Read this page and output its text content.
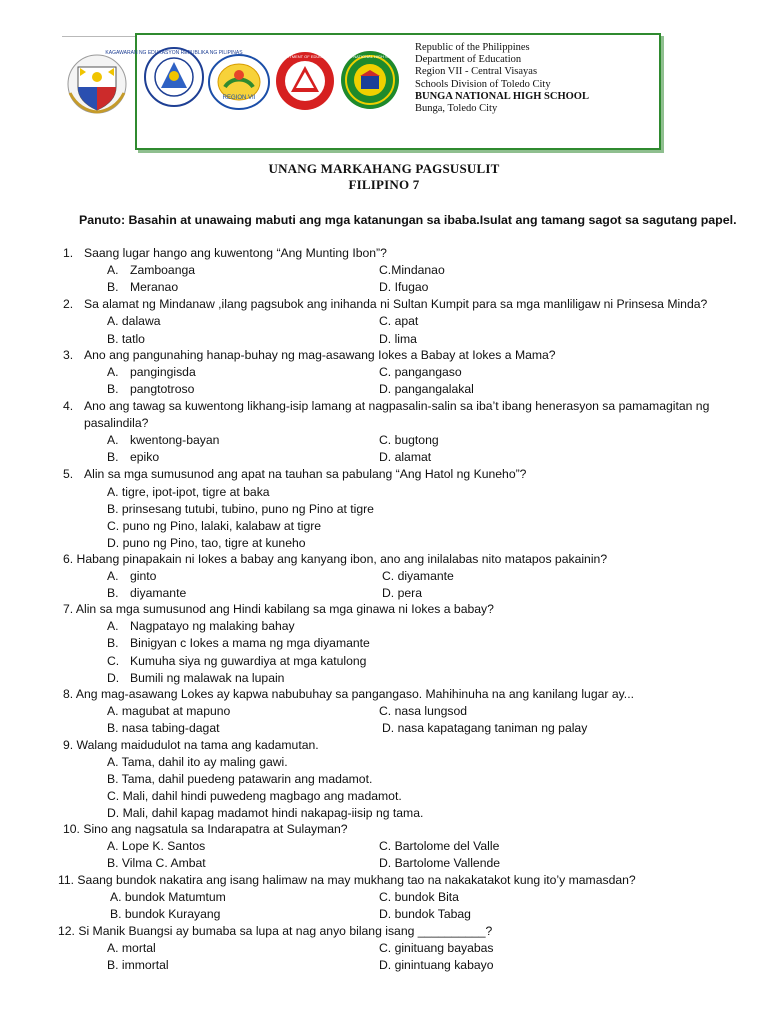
KAGAWARAN NG EDUKASYON REPUBLIKA NG PILIPINAS
REGION VII
DEPARTMENT OF EDUCATION BUNGA NATIONAL HIGH SCHOOL
Republic of the Philippines
Department of Education
Region VII - Central Visayas
Schools Division of Toledo City
BUNGA NATIONAL HIGH SCHOOL
Bunga, Toledo City
UNANG MARKAHANG PAGSUSULIT
FILIPINO 7
Panuto: Basahin at unawaing mabuti ang mga katanungan sa ibaba.Isulat ang tamang sagot sa sagutang papel.
1. Saang lugar hango ang kuwentong “Ang Munting Ibon”?
A. Zamboanga	C.Mindanao
B. Meranao	D. Ifugao
2. Sa alamat ng Mindanaw ,ilang pagsubok ang inihanda ni Sultan Kumpit para sa mga manliligaw ni Prinsesa Minda?
A. dalawa	C. apat
B. tatlo	D. lima
3. Ano ang pangunahing hanap-buhay ng mag-asawang Iokes a Babay at Iokes a Mama?
A. pangingisda	C. pangangaso
B. pangtotroso	D. pangangalakal
4. Ano ang tawag sa kuwentong likhang-isip lamang at nagpasalin-salin sa iba’t ibang henerasyon sa pamamagitan ng
pasalindila?
A. kwentong-bayan	C. bugtong
B. epiko	D. alamat
5. Alin sa mga sumusunod ang apat na tauhan sa pabulang “Ang Hatol ng Kuneho”?
A. tigre, ipot-ipot, tigre at baka
B. prinsesang tutubi, tubino, puno ng Pino at tigre
C. puno ng Pino, lalaki, kalabaw at tigre
D. puno ng Pino, tao, tigre at kuneho
6. Habang pinapakain ni Iokes a babay ang kanyang ibon, ano ang inilalabas nito matapos pakainin?
A. ginto	C. diyamante
B. diyamante	D. pera
7. Alin sa mga sumusunod ang Hindi kabilang sa mga ginawa ni Iokes a babay?
A. Nagpatayo ng malaking bahay
B. Binigyan c Iokes a mama ng mga diyamante
C. Kumuha siya ng guwardiya at mga katulong
D. Bumili ng malawak na lupain
8. Ang mag-asawang Lokes ay kapwa nabubuhay sa pangangaso. Mahihinuha na ang kanilang lugar ay...
A. magubat at mapuno	C. nasa lungsod
B. nasa tabing-dagat	D. nasa kapatagang taniman ng palay
9. Walang maidudulot na tama ang kadamutan.
A. Tama, dahil ito ay maling gawi.
B. Tama, dahil puedeng patawarin ang madamot.
C. Mali, dahil hindi puwedeng magbago ang madamot.
D. Mali, dahil kapag madamot hindi nakapag-iisip ng tama.
10. Sino ang nagsatula sa Indarapatra at Sulayman?
A. Lope K. Santos	C. Bartolome del Valle
B. Vilma C. Ambat	D. Bartolome Vallende
11. Saang bundok nakatira ang isang halimaw na may mukhang tao na nakakatakot kung ito’y mamasdan?
A. bundok Matumtum	C. bundok Bita
B. bundok Kurayang	D. bundok Tabag
12. Si Manik Buangsi ay bumaba sa lupa at nag anyo bilang isang __________?
A. mortal	C. ginituang bayabas
B. immortal	D. ginintuang kabayo
